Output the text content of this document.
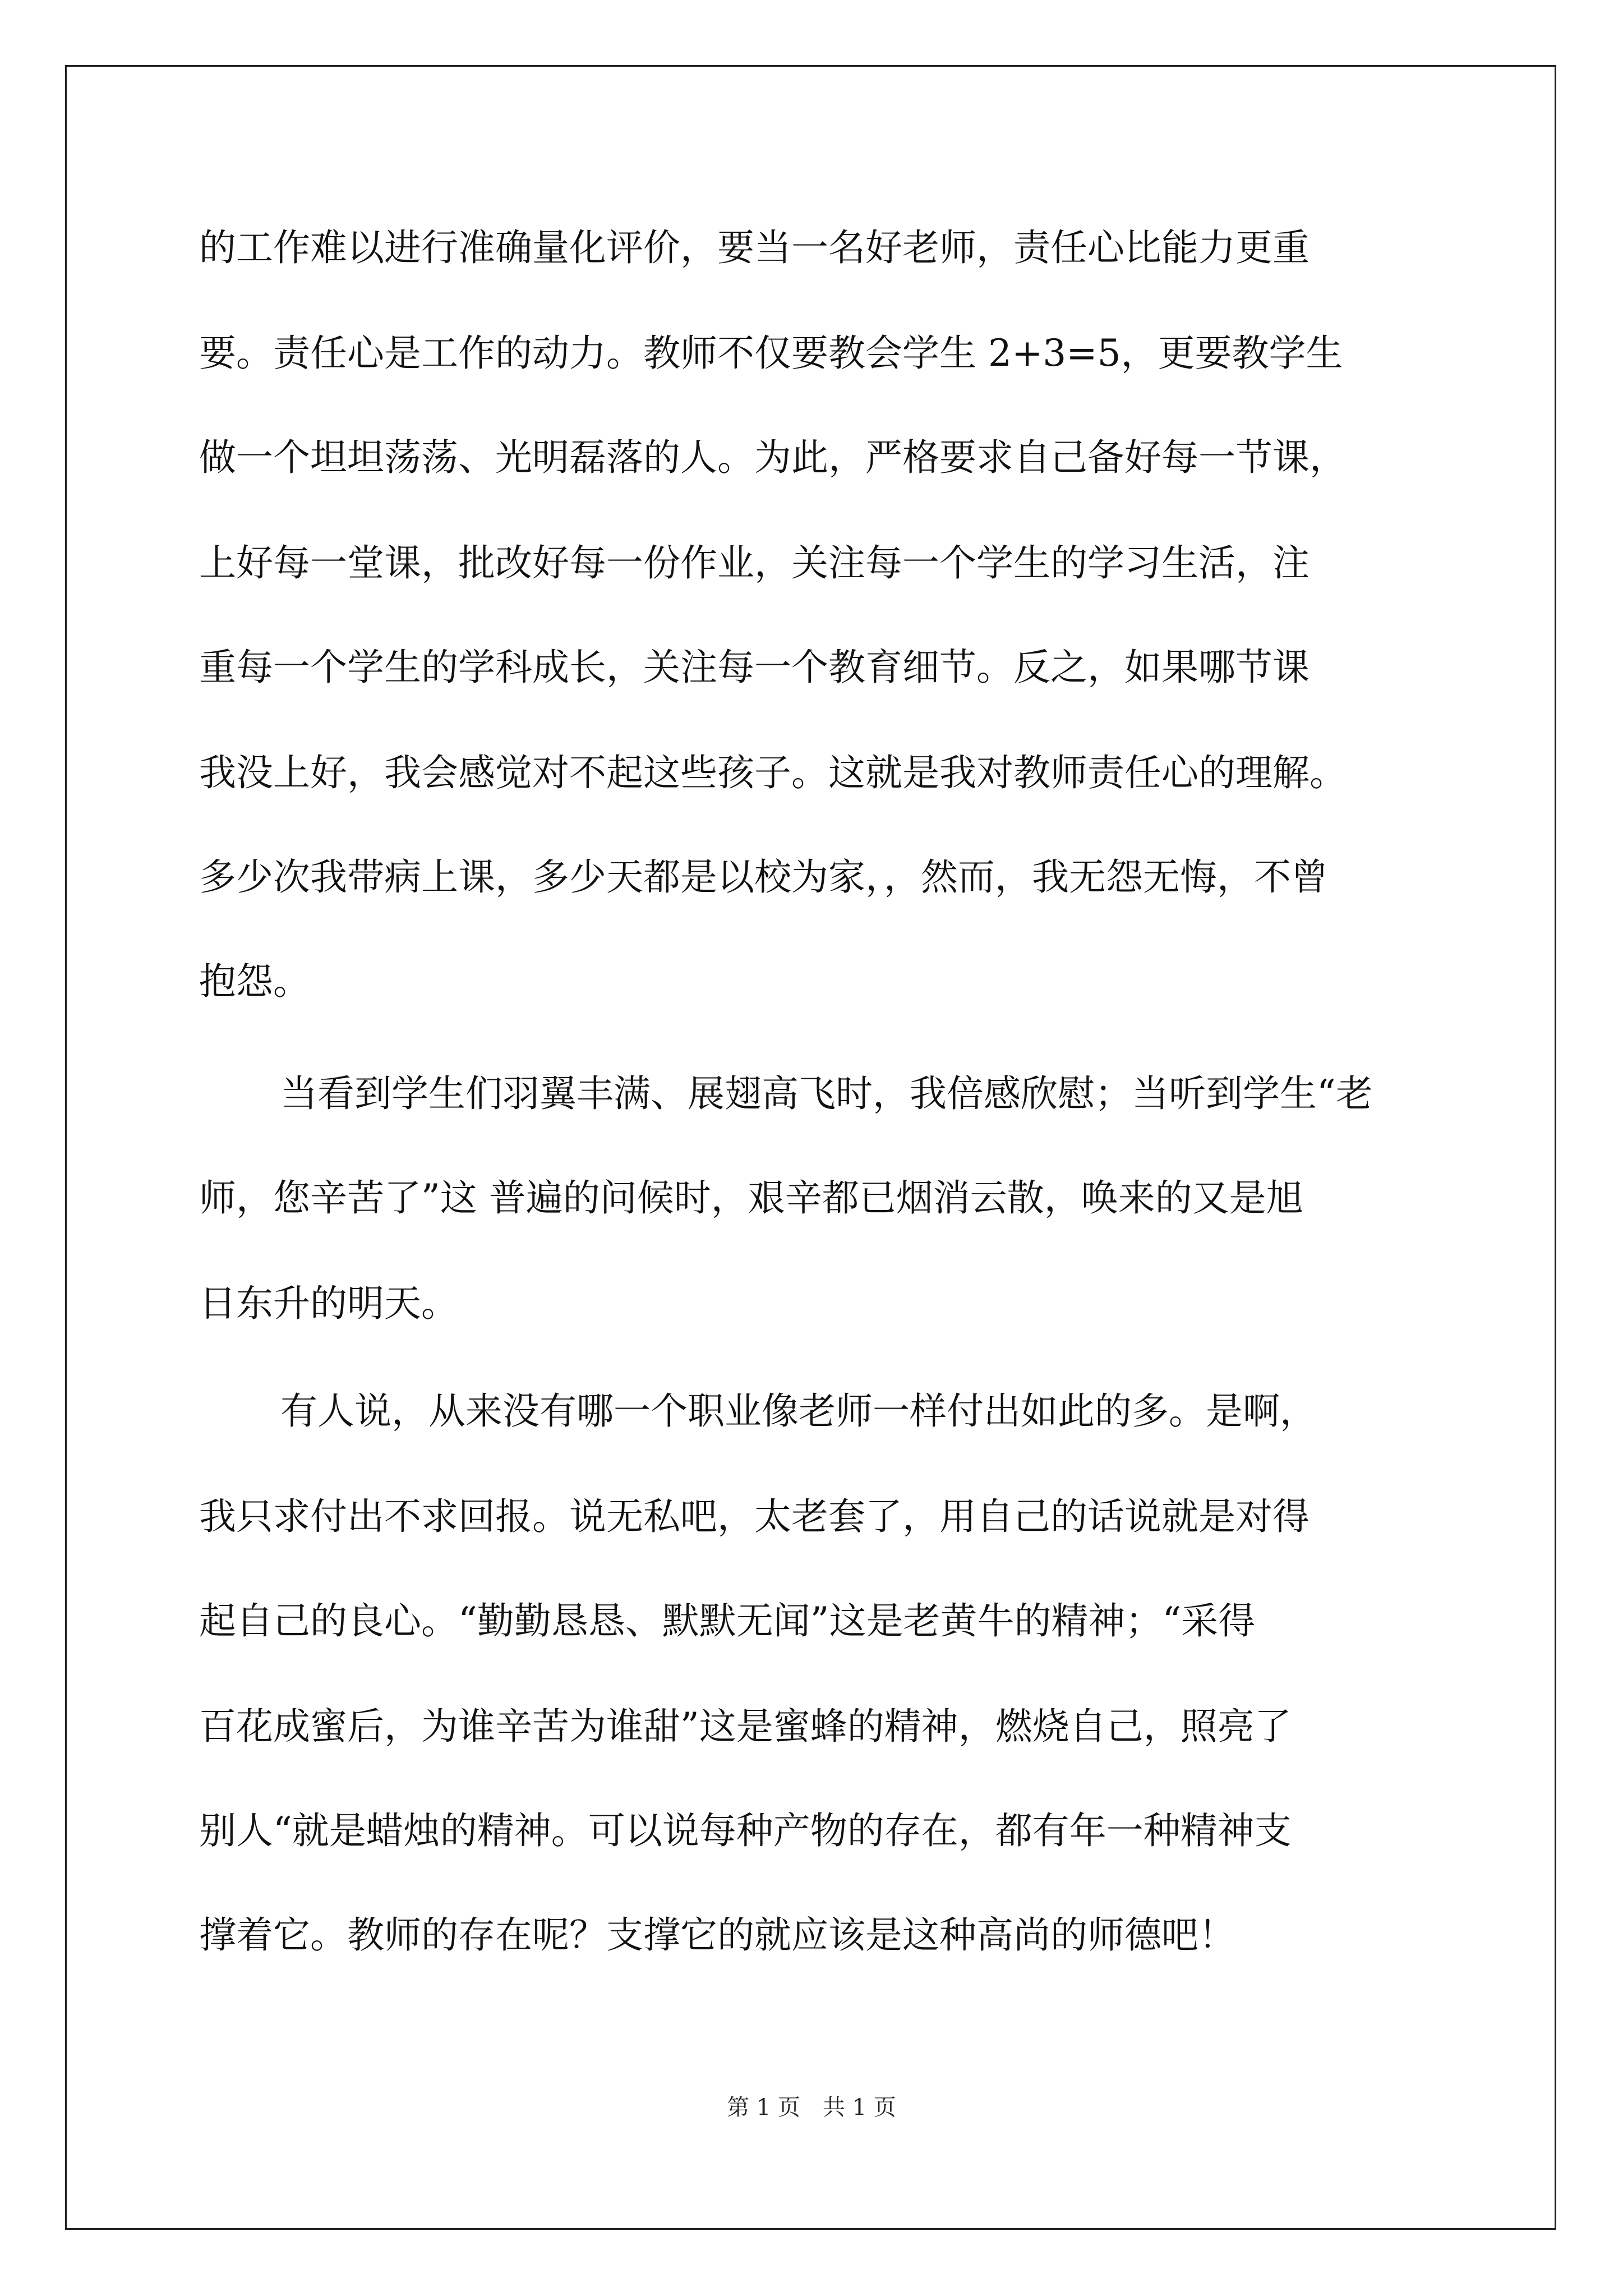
的工作难以进行准确量化评价，要当一名好老师，责任心比能力更重
要。责任心是工作的动力。教师不仅要教会学生 2+3=5，更要教学生
做一个坦坦荡荡、光明磊落的人。为此，严格要求自己备好每一节课，
上好每一堂课，批改好每一份作业，关注每一个学生的学习生活，注
重每一个学生的学科成长，关注每一个教育细节。反之，如果哪节课
我没上好，我会感觉对不起这些孩子。这就是我对教师责任心的理解。
多少次我带病上课，多少天都是以校为家，，然而，我无怨无悔，不曾
抱怨。
当看到学生们羽翼丰满、展翅高飞时，我倍感欣慰；当听到学生“老
师，您辛苦了”这 普遍的问候时，艰辛都已烟消云散，唤来的又是旭
日东升的明天。
有人说，从来没有哪一个职业像老师一样付出如此的多。是啊，
我只求付出不求回报。说无私吧，太老套了，用自己的话说就是对得
起自己的良心。“勤勤恳恳、默默无闻”这是老黄牛的精神；“采得
百花成蜜后，为谁辛苦为谁甜”这是蜜蜂的精神，燃烧自己，照亮了
别人“就是蜡烛的精神。可以说每种产物的存在，都有年一种精神支
撑着它。教师的存在呢？支撑它的就应该是这种高尚的师德吧！
第 1 页　共 1 页
